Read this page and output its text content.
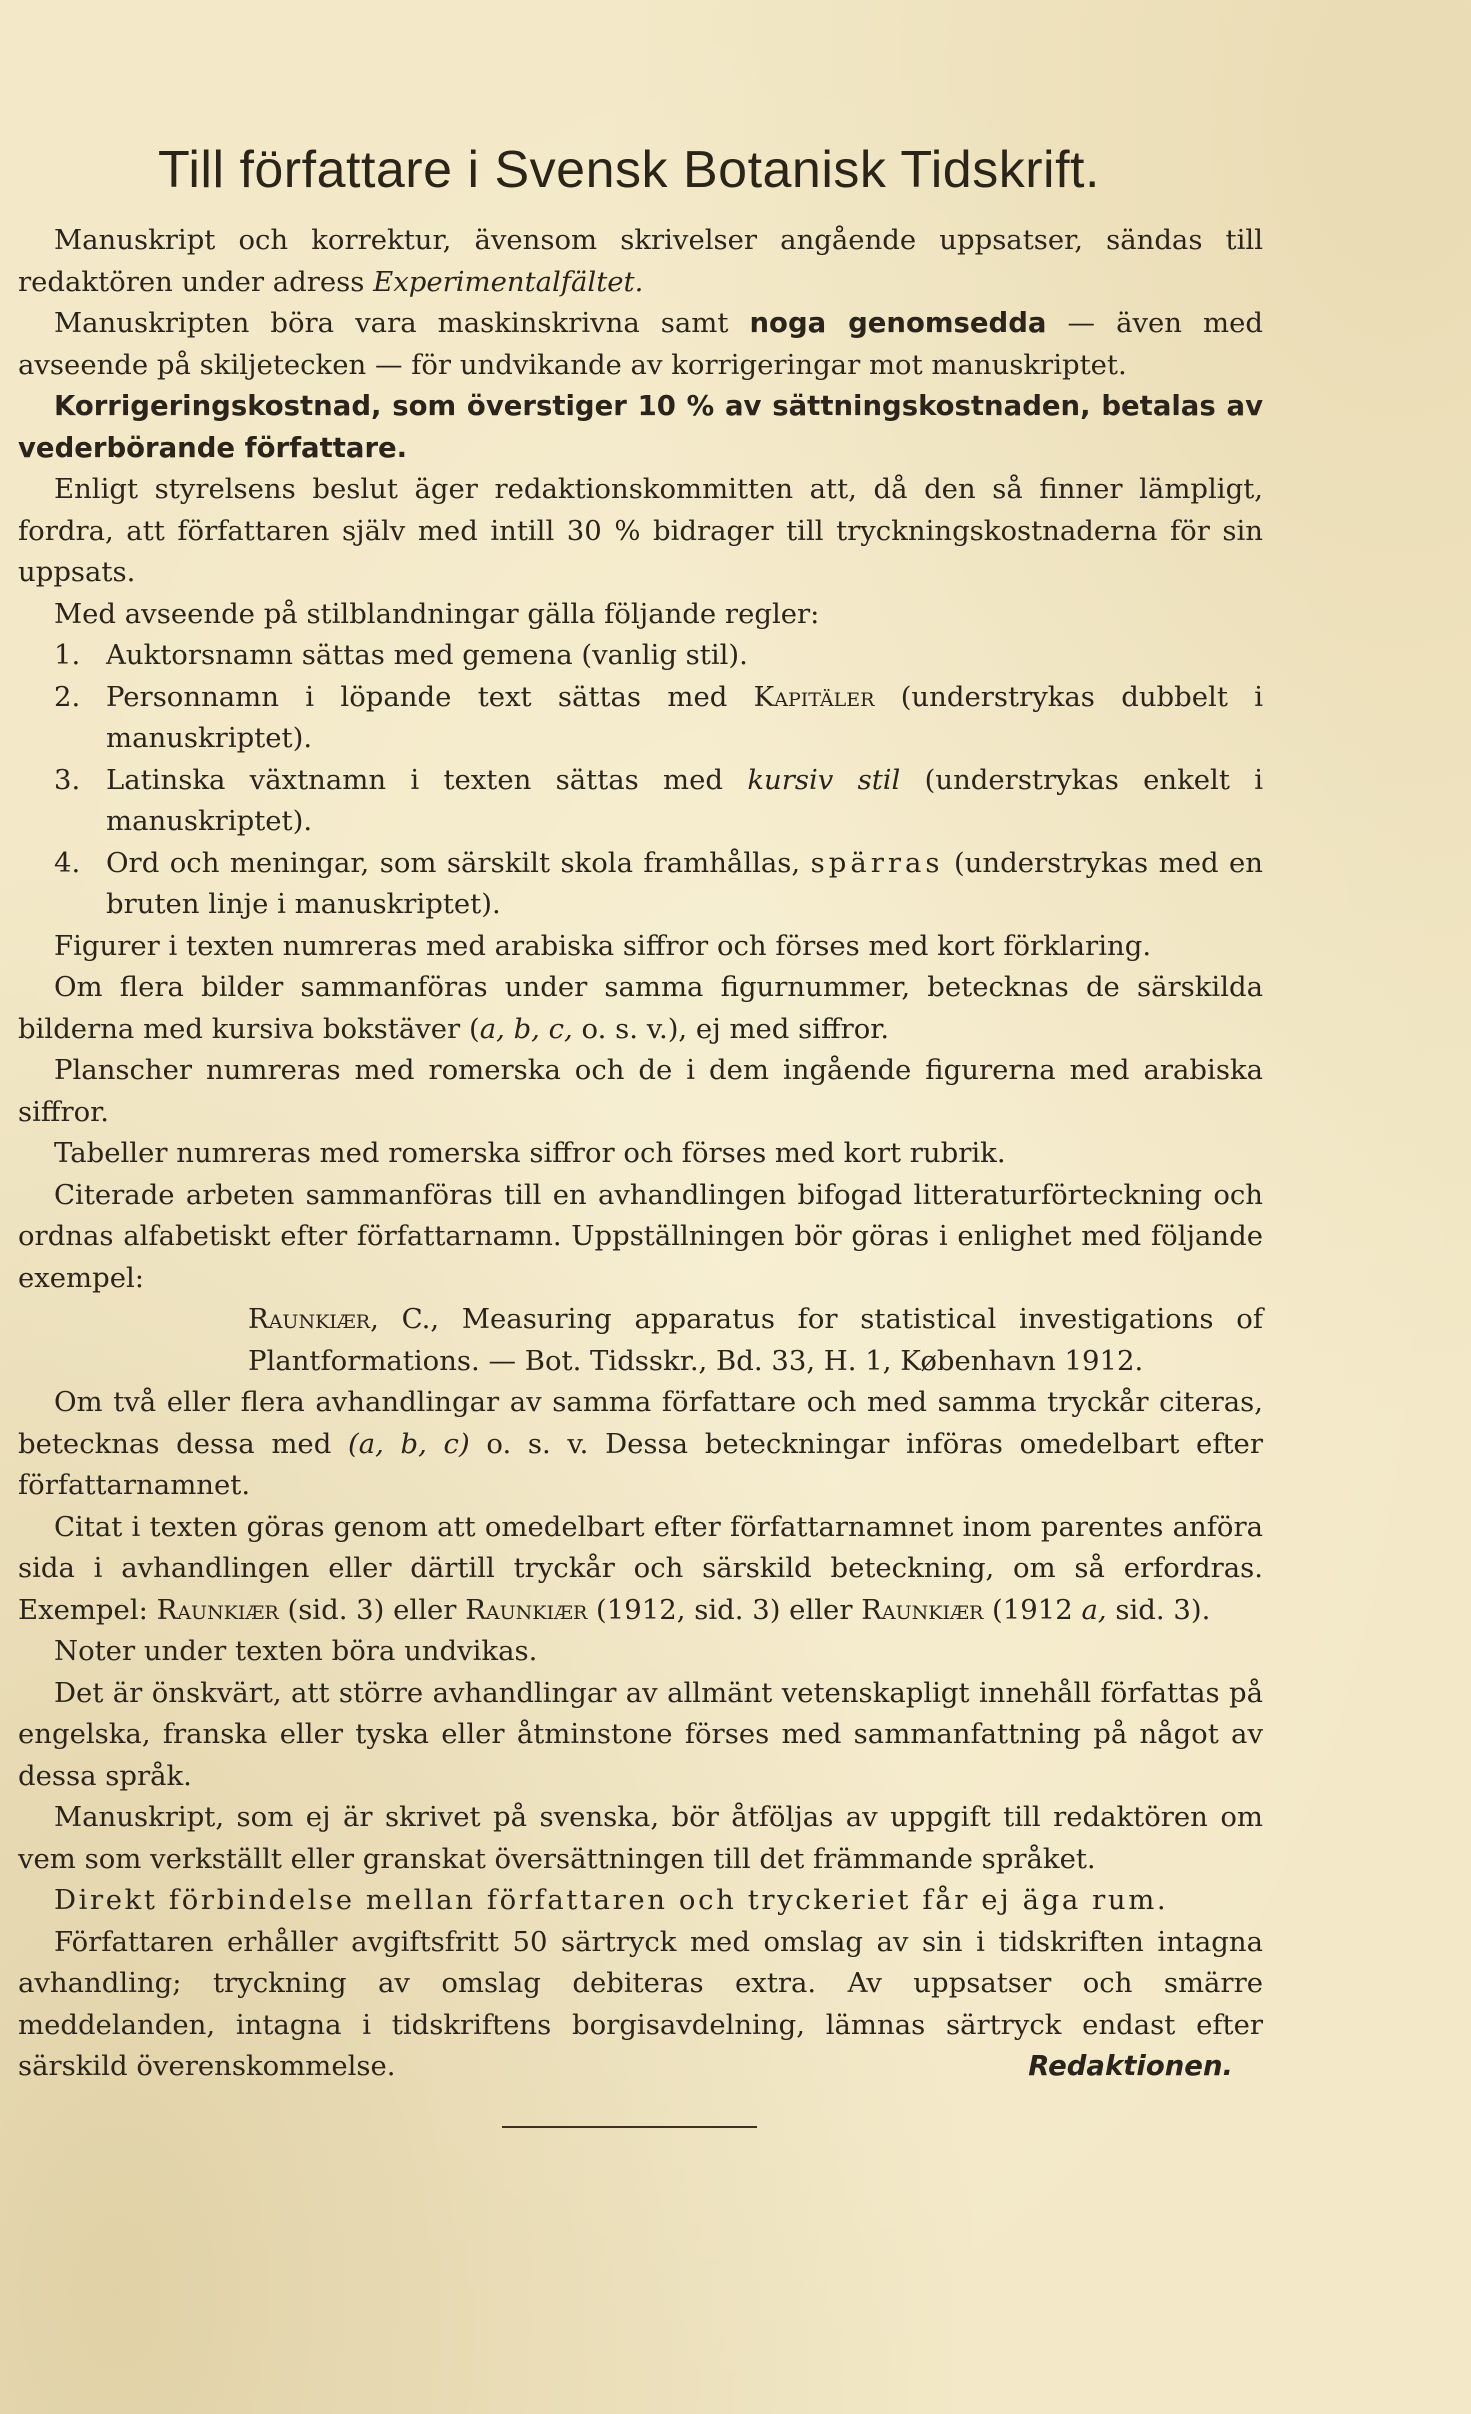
Till författare i Svensk Botanisk Tidskrift.

Manuskript och korrektur, ävensom skrivelser angående uppsatser, sändas till redaktören under adress Experimentalfältet.

Manuskripten böra vara maskinskrivna samt noga genomsedda — även med avseende på skiljetecken — för undvikande av korrigeringar mot manuskriptet.

Korrigeringskostnad, som överstiger 10 % av sättningskostnaden, betalas av vederbörande författare.

Enligt styrelsens beslut äger redaktionskommitten att, då den så finner lämpligt, fordra, att författaren själv med intill 30 % bidrager till tryckningskostnaderna för sin uppsats.

Med avseende på stilblandningar gälla följande regler:

1. Auktorsnamn sättas med gemena (vanlig stil).
2. Personnamn i löpande text sättas med Kapitäler (understrykas dubbelt i manuskriptet).
3. Latinska växtnamn i texten sättas med kursiv stil (understrykas enkelt i manuskriptet).
4. Ord och meningar, som särskilt skola framhållas, spärras (understrykas med en bruten linje i manuskriptet).

Figurer i texten numreras med arabiska siffror och förses med kort förklaring.

Om flera bilder sammanföras under samma figurnummer, betecknas de särskilda bilderna med kursiva bokstäver (a, b, c, o. s. v.), ej med siffror.

Planscher numreras med romerska och de i dem ingående figurerna med arabiska siffror.

Tabeller numreras med romerska siffror och förses med kort rubrik.

Citerade arbeten sammanföras till en avhandlingen bifogad litteraturförteckning och ordnas alfabetiskt efter författarnamn. Uppställningen bör göras i enlighet med följande exempel:

Raunkiær, C., Measuring apparatus for statistical investigations of Plantformations. — Bot. Tidsskr., Bd. 33, H. 1, København 1912.

Om två eller flera avhandlingar av samma författare och med samma tryckår citeras, betecknas dessa med (a, b, c) o. s. v. Dessa beteckningar införas omedelbart efter författarnamnet.

Citat i texten göras genom att omedelbart efter författarnamnet inom parentes anföra sida i avhandlingen eller därtill tryckår och särskild beteckning, om så erfordras. Exempel: Raunkiær (sid. 3) eller Raunkiær (1912, sid. 3) eller Raunkiær (1912 a, sid. 3).

Noter under texten böra undvikas.

Det är önskvärt, att större avhandlingar av allmänt vetenskapligt innehåll författas på engelska, franska eller tyska eller åtminstone förses med sammanfattning på något av dessa språk.

Manuskript, som ej är skrivet på svenska, bör åtföljas av uppgift till redaktören om vem som verkställt eller granskat översättningen till det främmande språket.

Direkt förbindelse mellan författaren och tryckeriet får ej äga rum.

Författaren erhåller avgiftsfritt 50 särtryck med omslag av sin i tidskriften intagna avhandling; tryckning av omslag debiteras extra. Av uppsatser och smärre meddelanden, intagna i tidskriftens borgisavdelning, lämnas särtryck endast efter särskild överenskommelse.	Redaktionen.
